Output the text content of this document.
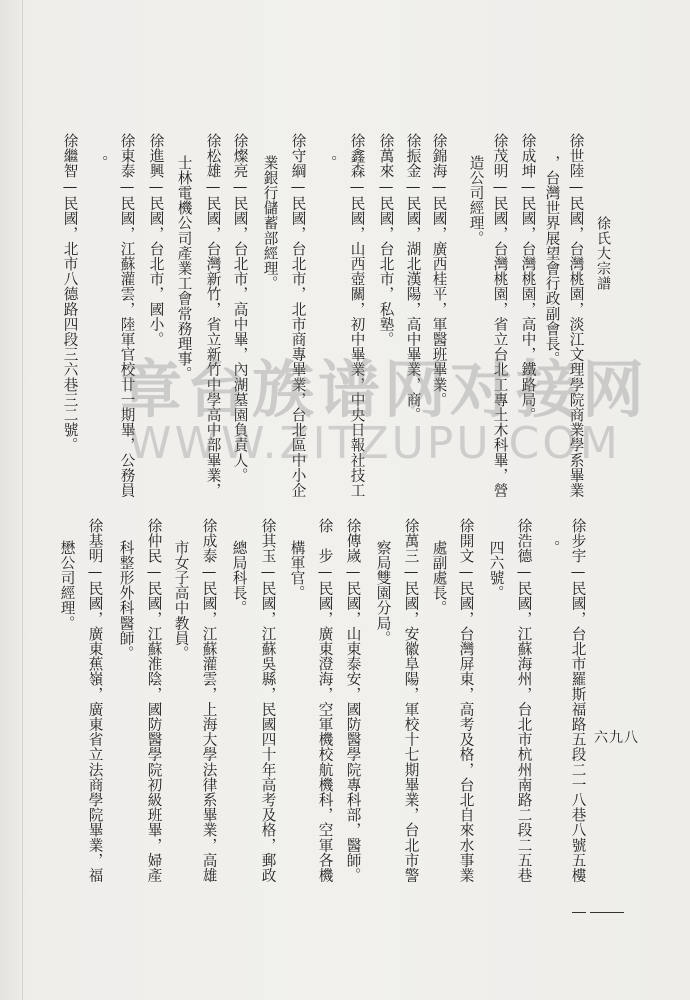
徐氏大宗譜
徐世陸—民國，台灣桃園，淡江文理學院商業學系畢業
，台灣世界展望會行政副會長。
徐成坤—民國，台灣桃園，高中，鐵路局。
徐茂明—民國，台灣桃園，省立台北工專土木科畢，營
造公司經理。
徐錦海—民國，廣西桂平，軍醫班畢業。
徐振金—民國，湖北漢陽，高中畢業，商。
徐萬來—民國，台北市，私塾。
徐鑫森—民國，山西壺關，初中畢業，中央日報社技工
。
徐守綱—民國，台北市，北市商專畢業，台北區中小企
業銀行儲蓄部經理。
徐燦亮—民國，台北市，高中畢，內湖墓園負責人。
徐松雄—民國，台灣新竹，省立新竹中學高中部畢業，
士林電機公司產業工會常務理事。
徐進興—民國，台北市，國小。
徐東泰—民國，江蘇灌雲，陸軍官校廿一期畢，公務員
。
徐繼智—民國，北市八德路四段三六巷三二號。
六九八
徐步宇—民國，台北市羅斯福路五段二一八巷八號五樓
。
徐浩德—民國，江蘇海州，台北市杭州南路二段二五巷
四六號。
徐開文—民國，台灣屏東，高考及格，台北自來水事業
處副處長。
徐萬三—民國，安徽阜陽，軍校十七期畢業，台北市警
察局雙園分局。
徐傳嵗—民國，山東泰安，國防醫學院專科部，醫師。
徐　步—民國，廣東澄海，空軍機校航機科，空軍各機
構軍官。
徐其玉—民國，江蘇吳縣，民國四十年高考及格，郵政
總局科長。
徐成泰—民國，江蘇灌雲，上海大學法律系畢業，高雄
市女子高中教員。
徐仲民—民國，江蘇淮陰，國防醫學院初級班畢，婦產
科整形外科醫師。
徐基明—民國，廣東蕉嶺，廣東省立法商學院畢業，福
懋公司經理。
章台族谱网对接网
WWW.ZITZUPU.COM
